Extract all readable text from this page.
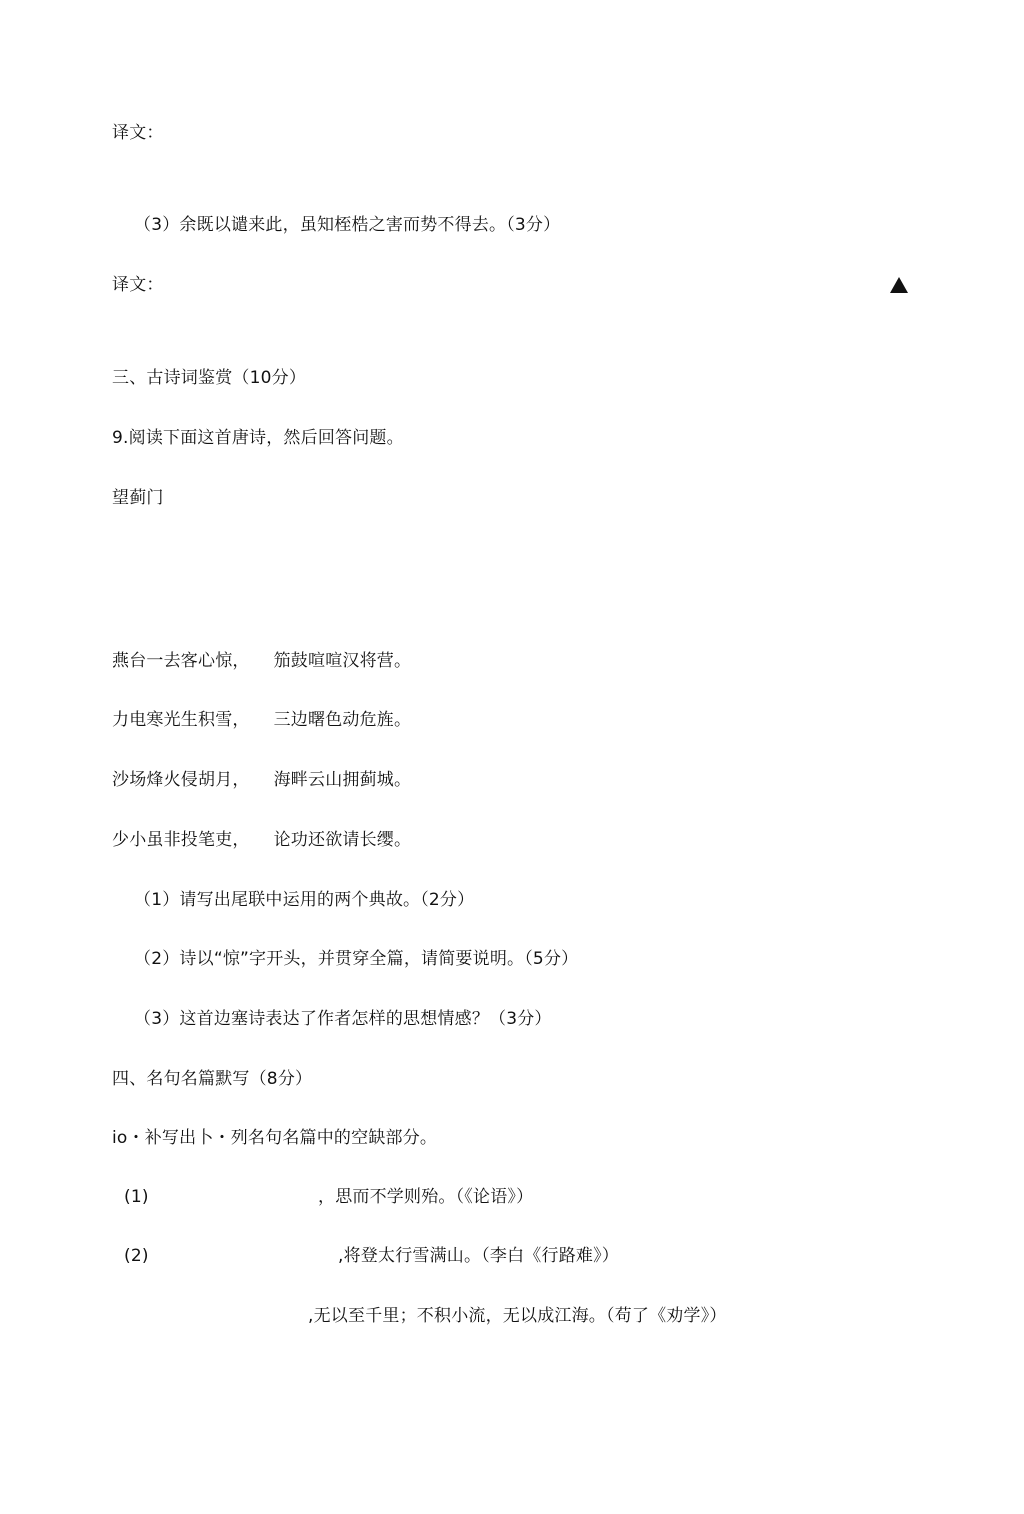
译文：
（3）余既以谴来此，虽知桎梏之害而势不得去。（3分）
译文：
三、古诗词鉴赏（10分）
9.阅读下面这首唐诗，然后回答问题。
望蓟门
燕台一去客心惊， 笳鼓喧喧汉将营。
力电寒光生积雪， 三边曙色动危旌。
沙场烽火侵胡月， 海畔云山拥蓟城。
少小虽非投笔吏， 论功还欲请长缨。
（1）请写出尾联中运用的两个典故。（2分）
（2）诗以“惊”字开头，并贯穿全篇，请简要说明。（5分）
（3）这首边塞诗表达了作者怎样的思想情感？（3分）
四、名句名篇默写（8分）
io・补写出卜・列名句名篇中的空缺部分。
(1)	，思而不学则殆。（《论语》）
(2)	,将登太行雪满山。（李白《行路难》）
,无以至千里；不积小流，无以成江海。（苟了《劝学》）
